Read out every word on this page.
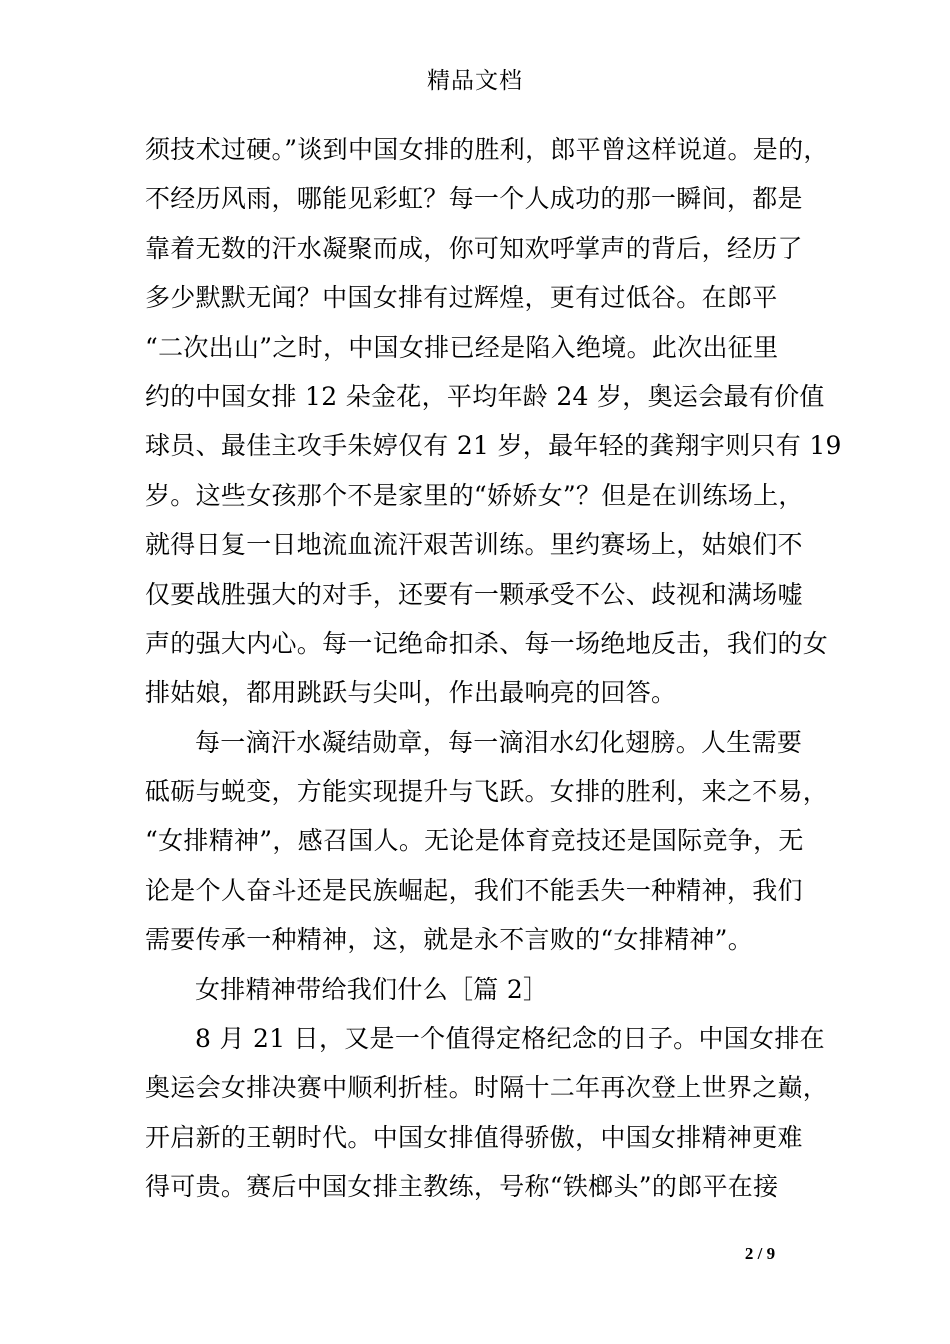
精品文档
须技术过硬。”谈到中国女排的胜利，郎平曾这样说道。是的，
不经历风雨，哪能见彩虹？每一个人成功的那一瞬间，都是
靠着无数的汗水凝聚而成，你可知欢呼掌声的背后，经历了
多少默默无闻？中国女排有过辉煌，更有过低谷。在郎平
“二次出山”之时，中国女排已经是陷入绝境。此次出征里
约的中国女排 12 朵金花，平均年龄 24 岁，奥运会最有价值
球员、最佳主攻手朱婷仅有 21 岁，最年轻的龚翔宇则只有 19
岁。这些女孩那个不是家里的“娇娇女”？但是在训练场上，
就得日复一日地流血流汗艰苦训练。里约赛场上，姑娘们不
仅要战胜强大的对手，还要有一颗承受不公、歧视和满场嘘
声的强大内心。每一记绝命扣杀、每一场绝地反击，我们的女
排姑娘，都用跳跃与尖叫，作出最响亮的回答。
每一滴汗水凝结勋章，每一滴泪水幻化翅膀。人生需要
砥砺与蜕变，方能实现提升与飞跃。女排的胜利，来之不易，
“女排精神”，感召国人。无论是体育竞技还是国际竞争，无
论是个人奋斗还是民族崛起，我们不能丢失一种精神，我们
需要传承一种精神，这，就是永不言败的“女排精神”。
女排精神带给我们什么［篇 2］
8 月 21 日，又是一个值得定格纪念的日子。中国女排在
奥运会女排决赛中顺利折桂。时隔十二年再次登上世界之巅，
开启新的王朝时代。中国女排值得骄傲，中国女排精神更难
得可贵。赛后中国女排主教练，号称“铁榔头”的郎平在接
2 / 9
